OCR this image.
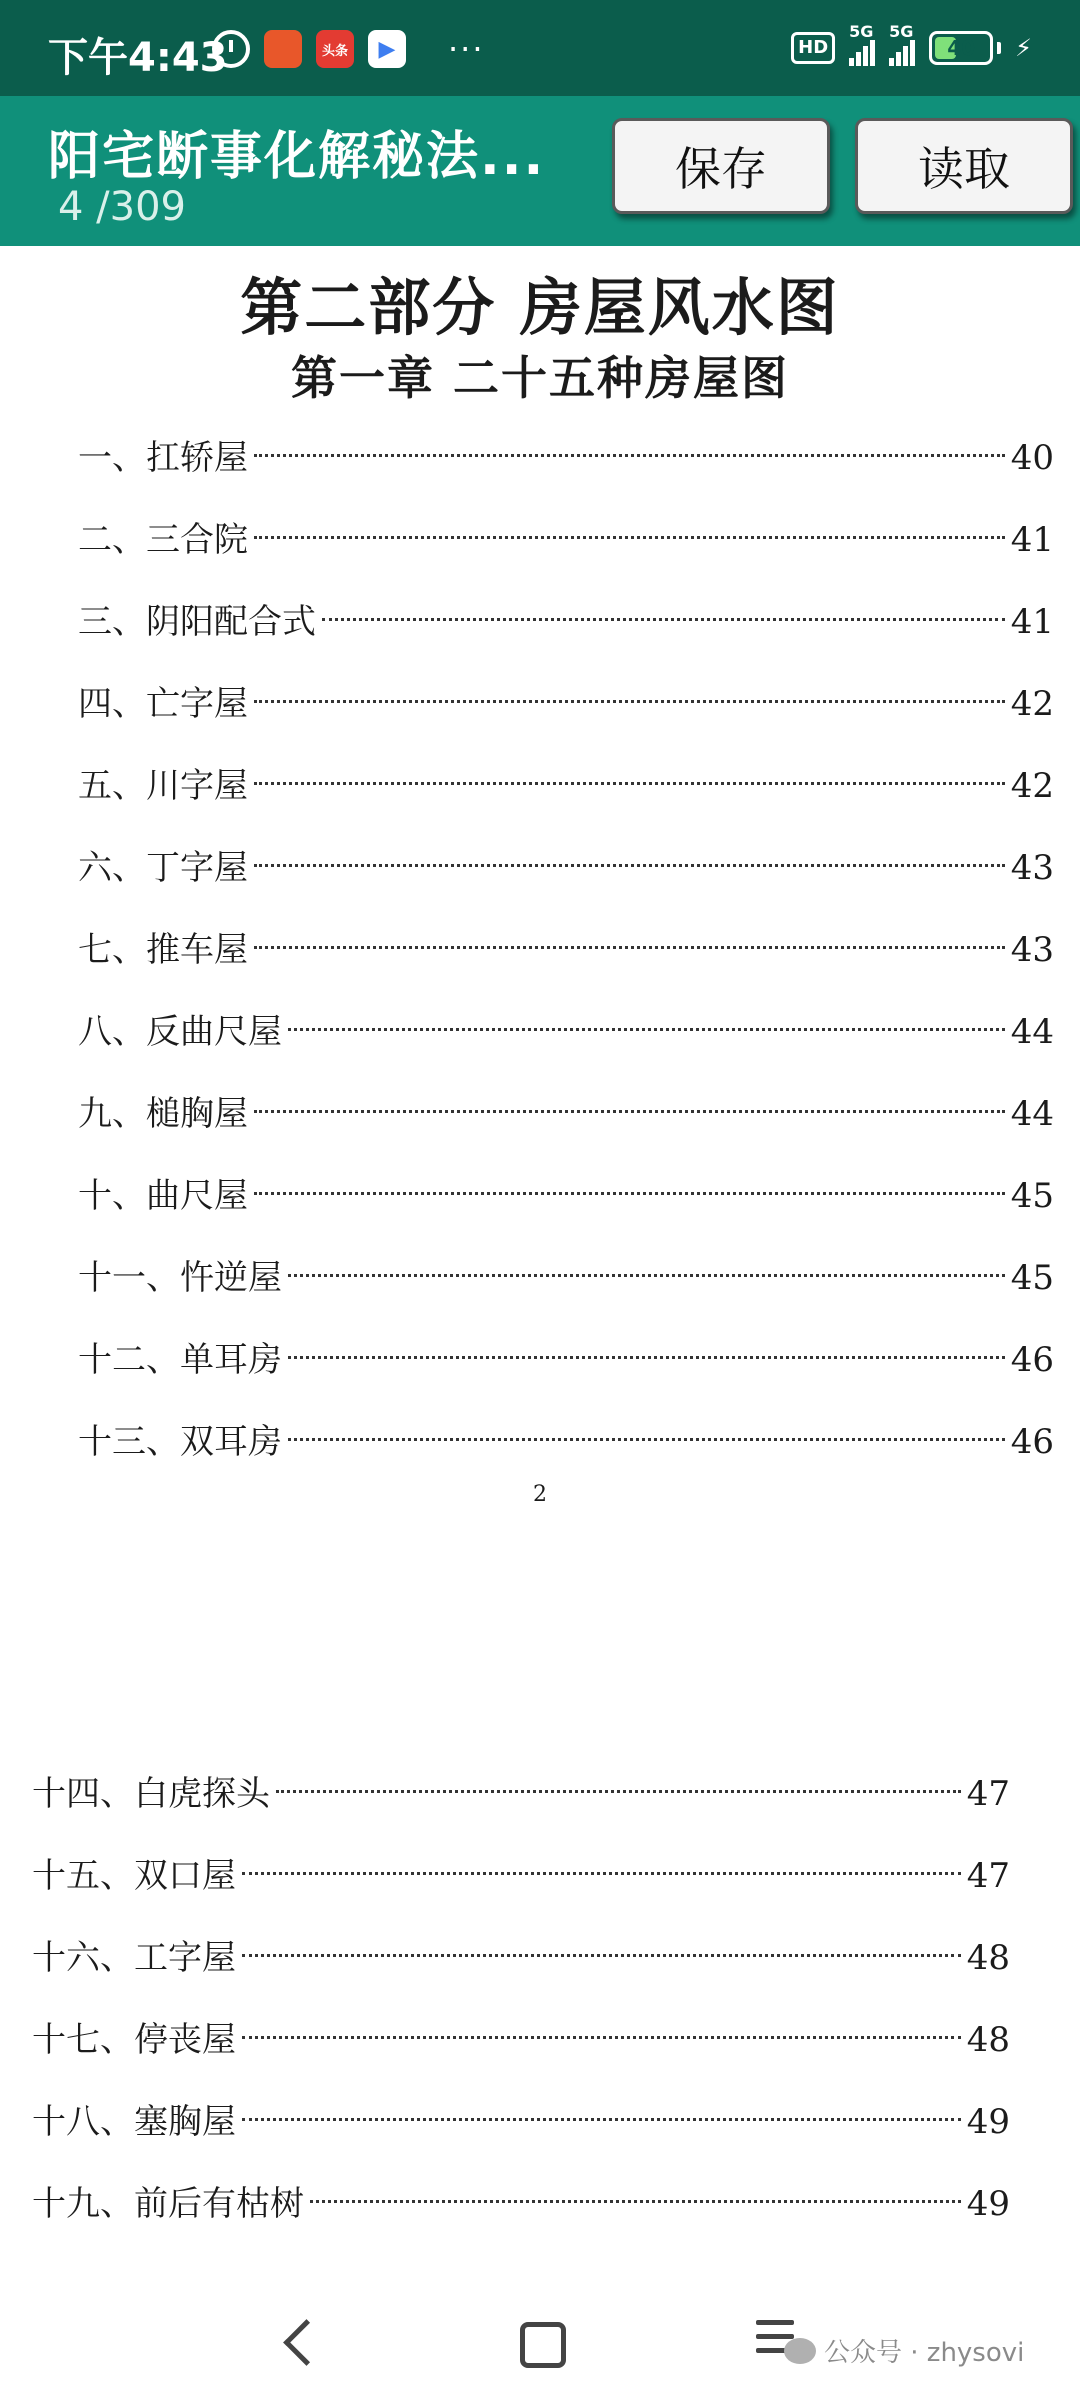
下午4:43	头条	▶	···	HD
5G 5G
40 ⚡
阳宅断事化解秘法...
4 /309
保存	读取
第二部分 房屋风水图
第一章 二十五种房屋图
一、扛轿屋	40
二、三合院	41
三、阴阳配合式	41
四、亡字屋	42
五、川字屋	42
六、丁字屋	43
七、推车屋	43
八、反曲尺屋	44
九、槌胸屋	44
十、曲尺屋	45
十一、忤逆屋	45
十二、单耳房	46
十三、双耳房	46
2
十四、白虎探头	47
十五、双口屋	47
十六、工字屋	48
十七、停丧屋	48
十八、塞胸屋	49
十九、前后有枯树	49
公众号 · zhysovi
